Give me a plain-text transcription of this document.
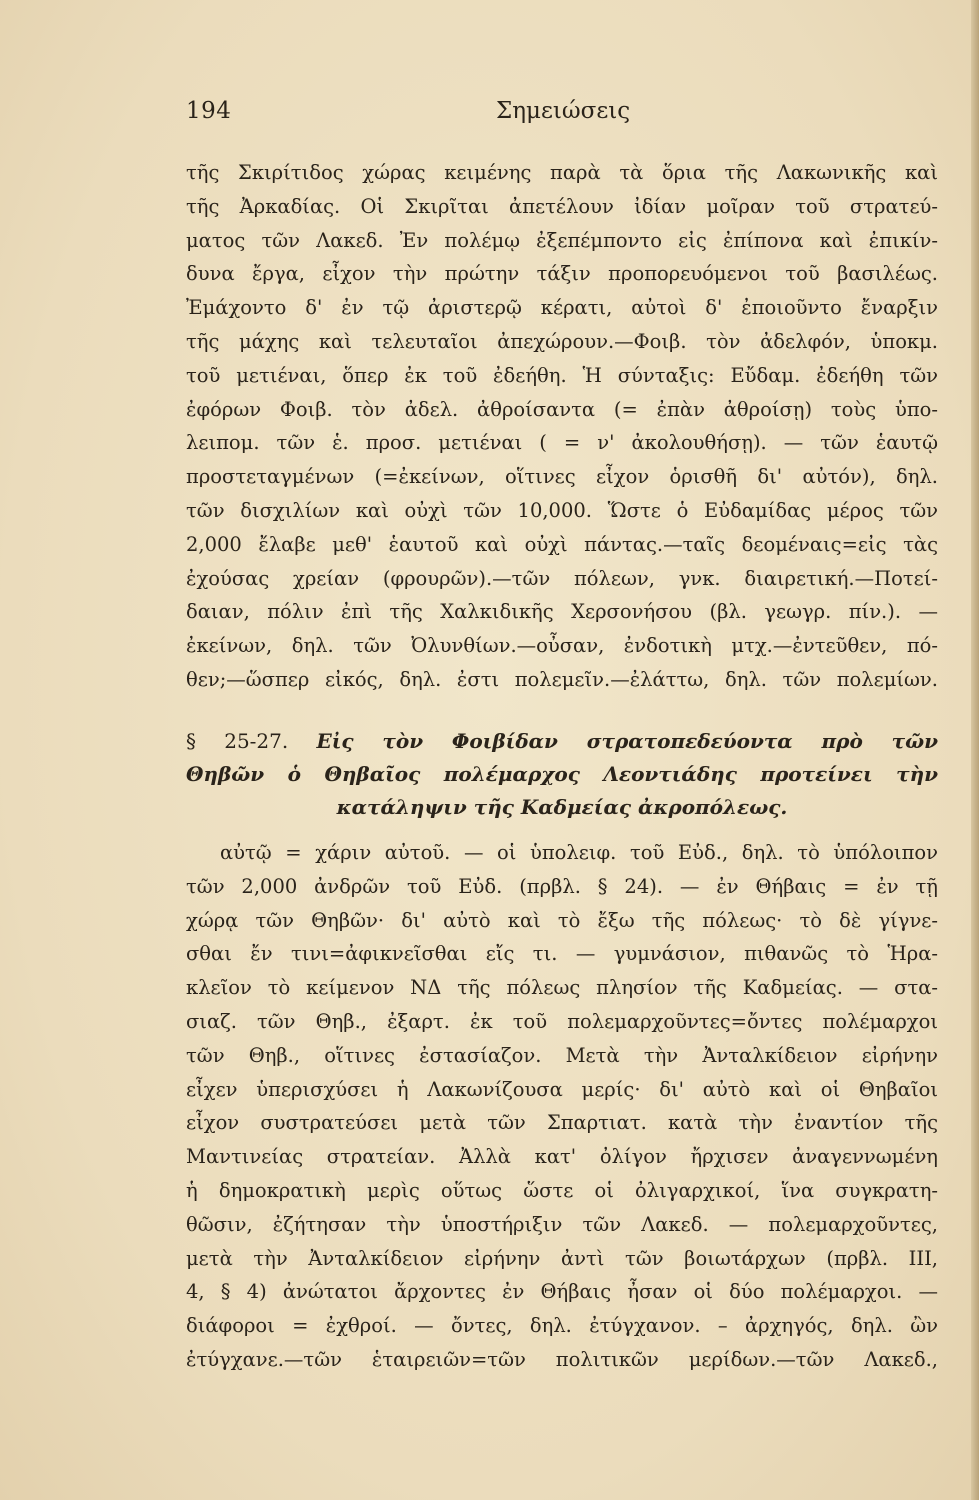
194	Σημειώσεις
τῆς Σκιρίτιδος χώρας κειμένης παρὰ τὰ ὅρια τῆς Λακωνικῆς καὶ
τῆς Ἀρκαδίας. Οἱ Σκιρῖται ἀπετέλουν ἰδίαν μοῖραν τοῦ στρατεύ-
ματος τῶν Λακεδ. Ἐν πολέμῳ ἐξεπέμποντο εἰς ἐπίπονα καὶ ἐπικίν-
δυνα ἔργα, εἶχον τὴν πρώτην τάξιν προπορευόμενοι τοῦ βασιλέως.
Ἐμάχοντο δ' ἐν τῷ ἀριστερῷ κέρατι, αὐτοὶ δ' ἐποιοῦντο ἔναρξιν
τῆς μάχης καὶ τελευταῖοι ἀπεχώρουν.—Φοιβ. τὸν ἀδελφόν, ὑποκμ.
τοῦ μετιέναι, ὅπερ ἐκ τοῦ ἐδεήθη. Ἡ σύνταξις: Εὔδαμ. ἐδεήθη τῶν
ἐφόρων Φοιβ. τὸν ἀδελ. ἀθροίσαντα (= ἐπὰν ἀθροίσῃ) τοὺς ὑπο-
λειπομ. τῶν ἑ. προσ. μετιέναι ( = ν' ἀκολουθήσῃ). — τῶν ἑαυτῷ
προστεταγμένων (=ἐκείνων, οἵτινες εἶχον ὁρισθῆ δι' αὐτόν), δηλ.
τῶν δισχιλίων καὶ οὐχὶ τῶν 10,000. Ὥστε ὁ Εὐδαμίδας μέρος τῶν
2,000 ἔλαβε μεθ' ἑαυτοῦ καὶ οὐχὶ πάντας.—ταῖς δεομέναις=εἰς τὰς
ἐχούσας χρείαν (φρουρῶν).—τῶν πόλεων, γνκ. διαιρετική.—Ποτεί-
δαιαν, πόλιν ἐπὶ τῆς Χαλκιδικῆς Χερσονήσου (βλ. γεωγρ. πίν.). —
ἐκείνων, δηλ. τῶν Ὀλυνθίων.—οὖσαν, ἐνδοτικὴ μτχ.—ἐντεῦθεν, πό-
θεν;—ὥσπερ εἰκός, δηλ. ἐστι πολεμεῖν.—ἐλάττω, δηλ. τῶν πολεμίων.
§ 25-27. Εἰς τὸν Φοιβίδαν στρατοπεδεύοντα πρὸ τῶν
Θηβῶν ὁ Θηβαῖος πολέμαρχος Λεοντιάδης προτείνει τὴν
κατάληψιν τῆς Καδμείας ἀκροπόλεως.
αὐτῷ = χάριν αὐτοῦ. — οἱ ὑπολειφ. τοῦ Εὐδ., δηλ. τὸ ὑπόλοιπον
τῶν 2,000 ἀνδρῶν τοῦ Εὐδ. (πρβλ. § 24). — ἐν Θήβαις = ἐν τῇ
χώρᾳ τῶν Θηβῶν· δι' αὐτὸ καὶ τὸ ἔξω τῆς πόλεως· τὸ δὲ γίγνε-
σθαι ἔν τινι=ἀφικνεῖσθαι εἴς τι. — γυμνάσιον, πιθανῶς τὸ Ἡρα-
κλεῖον τὸ κείμενον ΝΔ τῆς πόλεως πλησίον τῆς Καδμείας. — στα-
σιαζ. τῶν Θηβ., ἐξαρτ. ἐκ τοῦ πολεμαρχοῦντες=ὄντες πολέμαρχοι
τῶν Θηβ., οἵτινες ἐστασίαζον. Μετὰ τὴν Ἀνταλκίδειον εἰρήνην
εἶχεν ὑπερισχύσει ἡ Λακωνίζουσα μερίς· δι' αὐτὸ καὶ οἱ Θηβαῖοι
εἶχον συστρατεύσει μετὰ τῶν Σπαρτιατ. κατὰ τὴν ἐναντίον τῆς
Μαντινείας στρατείαν. Ἀλλὰ κατ' ὀλίγον ἤρχισεν ἀναγεννωμένη
ἡ δημοκρατικὴ μερὶς οὕτως ὥστε οἱ ὀλιγαρχικοί, ἵνα συγκρατη-
θῶσιν, ἐζήτησαν τὴν ὑποστήριξιν τῶν Λακεδ. — πολεμαρχοῦντες,
μετὰ τὴν Ἀνταλκίδειον εἰρήνην ἀντὶ τῶν βοιωτάρχων (πρβλ. III,
4, § 4) ἀνώτατοι ἄρχοντες ἐν Θήβαις ἦσαν οἱ δύο πολέμαρχοι. —
διάφοροι = ἐχθροί. — ὄντες, δηλ. ἐτύγχανον. – ἀρχηγός, δηλ. ὢν
ἐτύγχανε.—τῶν ἑταιρειῶν=τῶν πολιτικῶν μερίδων.—τῶν Λακεδ.,
